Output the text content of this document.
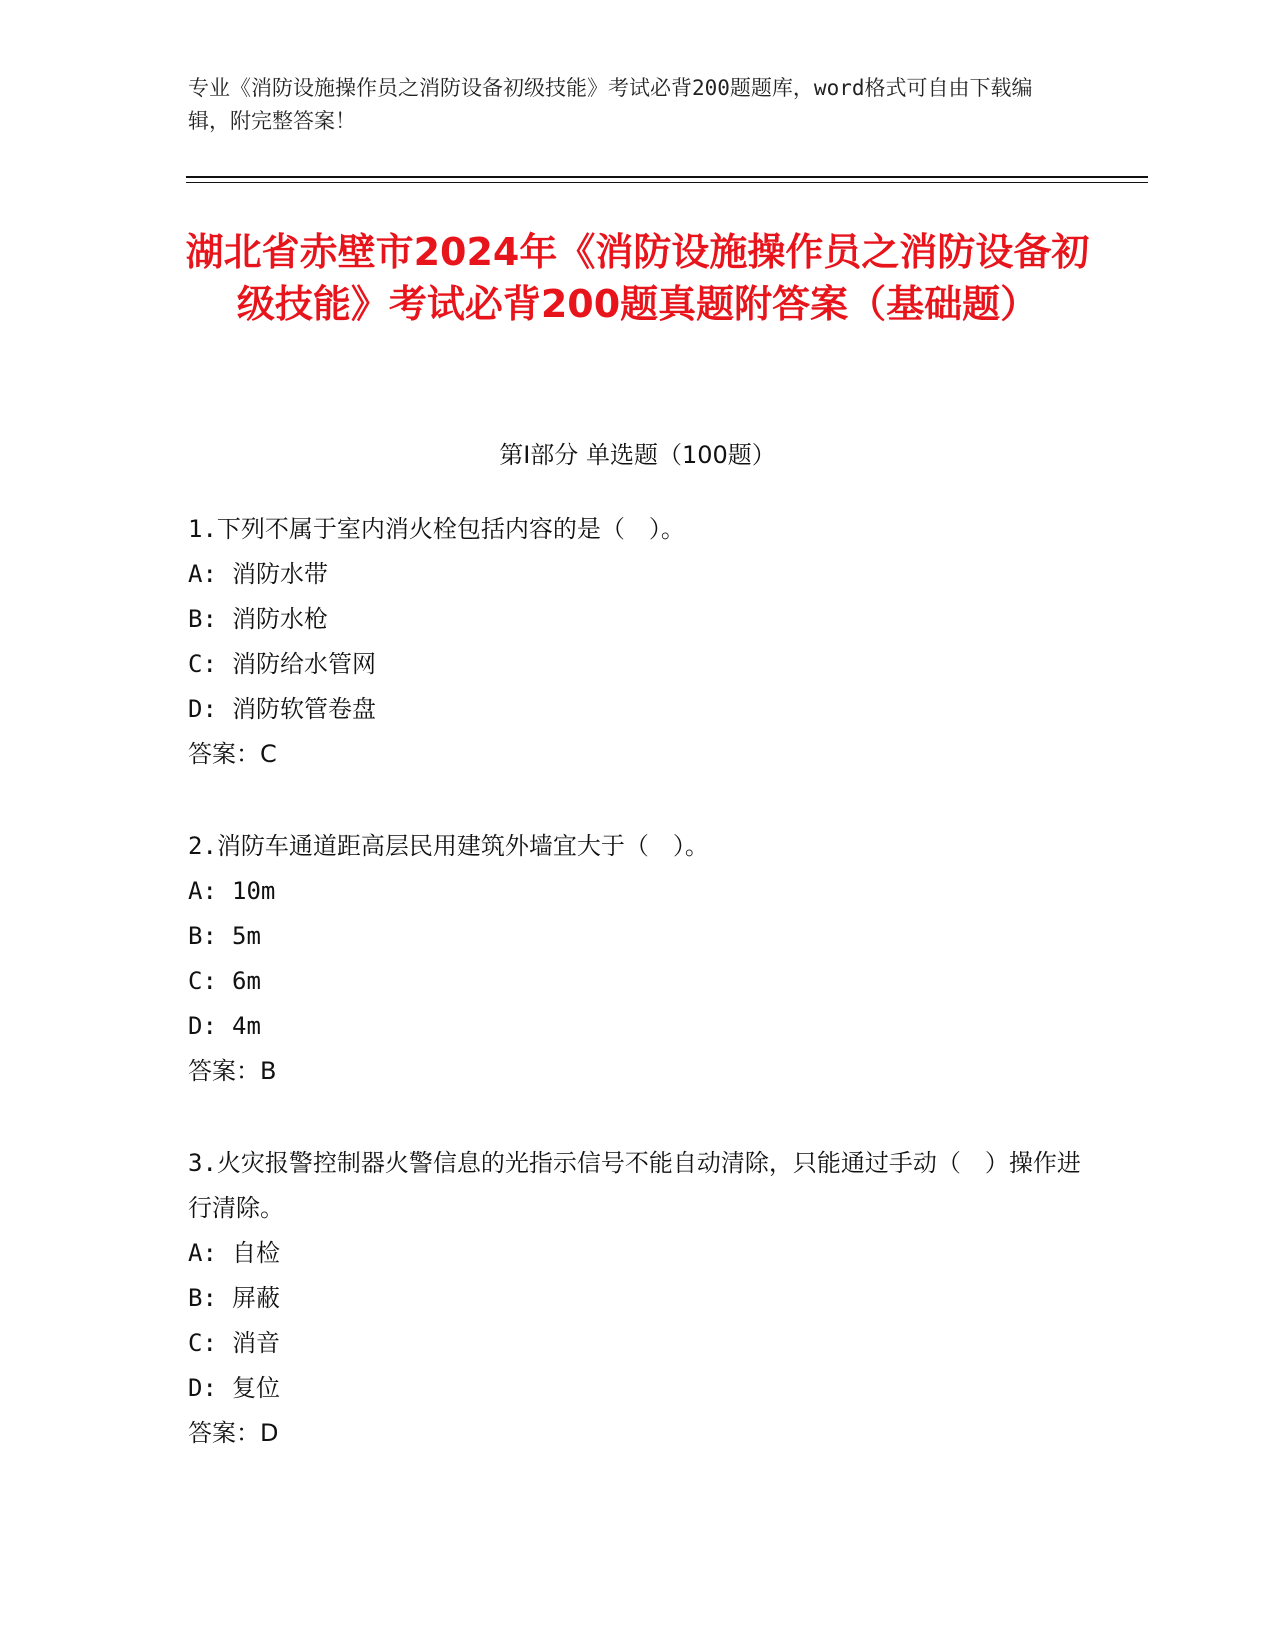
专业《消防设施操作员之消防设备初级技能》考试必背200题题库，word格式可自由下载编辑，附完整答案！
湖北省赤壁市2024年《消防设施操作员之消防设备初级技能》考试必背200题真题附答案（基础题）
第I部分 单选题（100题）

1.下列不属于室内消火栓包括内容的是（　）。

A: 消防水带

B: 消防水枪

C: 消防给水管网

D: 消防软管卷盘

答案：C

2.消防车通道距高层民用建筑外墙宜大于（　）。

A: 10m

B: 5m

C: 6m

D: 4m

答案：B

3.火灾报警控制器火警信息的光指示信号不能自动清除，只能通过手动（　）操作进行清除。

A: 自检

B: 屏蔽

C: 消音

D: 复位

答案：D
